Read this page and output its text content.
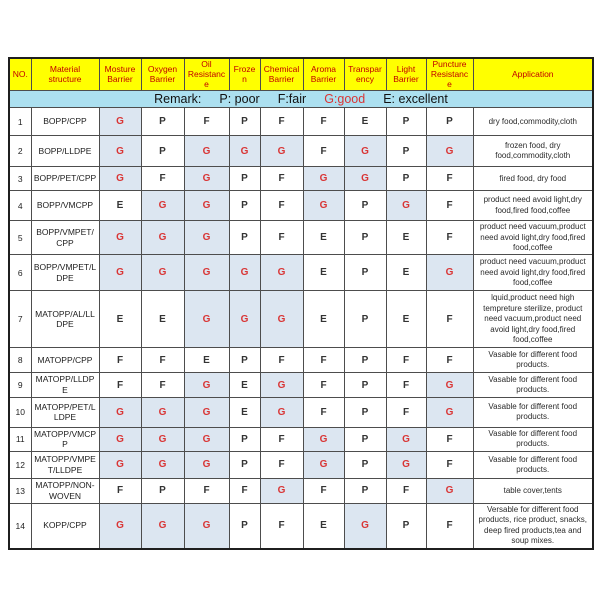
NO.	Material structure	Mosture Barrier	Oxygen Barrier	Oil Resistance	Frozen	Chemical Barrier	Aroma Barrier	Transparency	Light Barrier	Puncture Resistance	Application
Remark: P: poor F:fair G:good E: excellent											
1	BOPP/CPP	G	P	F	P	F	F	E	P	P	dry food,commodity,cloth
2	BOPP/LLDPE	G	P	G	G	G	F	G	P	G	frozen food, dry food,commodity,cloth
3	BOPP/PET/CPP	G	F	G	P	F	G	G	P	F	fired food, dry food
4	BOPP/VMCPP	E	G	G	P	F	G	P	G	F	product need avoid light,dry food,fired food,coffee
5	BOPP/VMPET/CPP	G	G	G	P	F	E	P	E	F	product need vacuum,product need avoid light,dry food,fired food,coffee
6	BOPP/VMPET/LDPE	G	G	G	G	G	E	P	E	G	product need vacuum,product need avoid light,dry food,fired food,coffee
7	MATOPP/AL/LLDPE	E	E	G	G	G	E	P	E	F	lquid,product need high tempreture sterilize, product need vacuum,product need avoid light,dry food,fired food,coffee
8	MATOPP/CPP	F	F	E	P	F	F	P	F	F	Vasable for different food products.
9	MATOPP/LLDPE	F	F	G	E	G	F	P	F	G	Vasable for different food products.
10	MATOPP/PET/LLDPE	G	G	G	E	G	F	P	F	G	Vasable for different food products.
11	MATOPP/VMCPP	G	G	G	P	F	G	P	G	F	Vasable for different food products.
12	MATOPP/VMPET/LLDPE	G	G	G	P	F	G	P	G	F	Vasable for different food products.
13	MATOPP/NON-WOVEN	F	P	F	F	G	F	P	F	G	table cover,tents
14	KOPP/CPP	G	G	G	P	F	E	G	P	F	Versable for different food products, rice product, snacks, deep fired products,tea and soup mixes.
